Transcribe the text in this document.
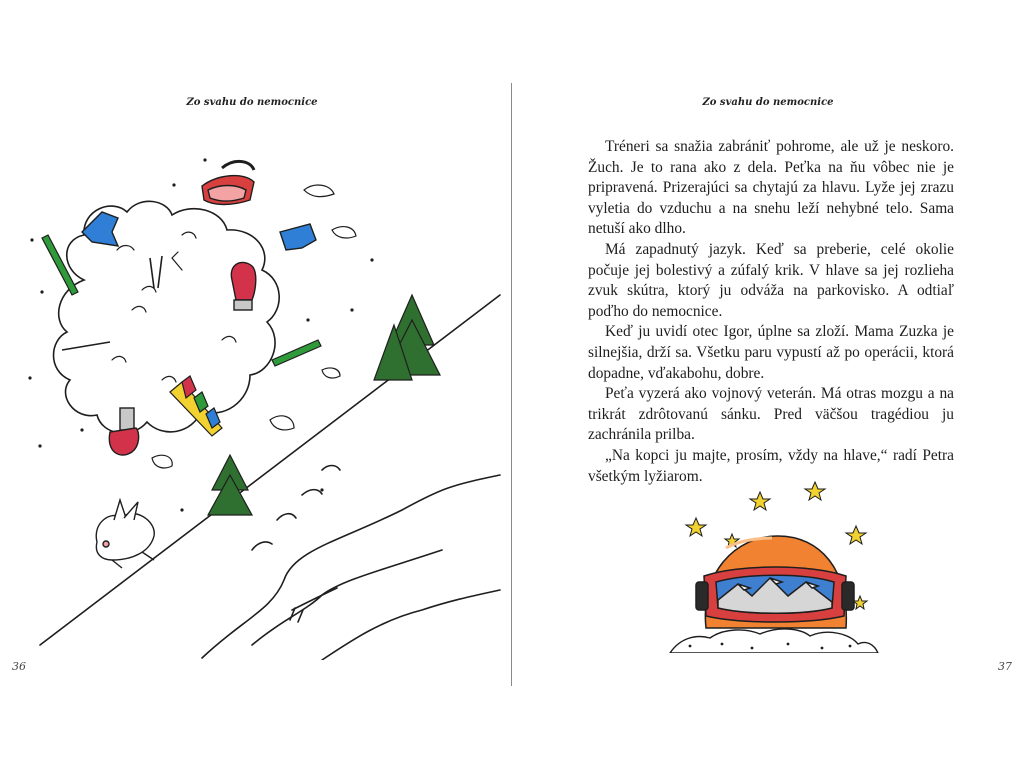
Zo svahu do nemocnice
36
Zo svahu do nemocnice

Tréneri sa snažia zabrániť pohrome, ale už je neskoro. Žuch. Je to rana ako z dela. Peťka na ňu vôbec nie je pripravená. Prizerajúci sa chytajú za hlavu. Lyže jej zrazu vyletia do vzduchu a na snehu leží nehybné telo. Sama netuší ako dlho.

Má zapadnutý jazyk. Keď sa preberie, celé okolie počuje jej bolestivý a zúfalý krik. V hlave sa jej rozlieha zvuk skútra, ktorý ju odváža na parkovisko. A odtiaľ poďho do nemocnice.

Keď ju uvidí otec Igor, úplne sa zloží. Mama Zuzka je silnejšia, drží sa. Všetku paru vypustí až po operácii, ktorá dopadne, vďakabohu, dobre.

Peťa vyzerá ako vojnový veterán. Má otras mozgu a na trikrát zdrôtovanú sánku. Pred väčšou tragédiou ju zachránila prilba.

„Na kopci ju majte, prosím, vždy na hlave,“ radí Petra všetkým lyžiarom.

37
